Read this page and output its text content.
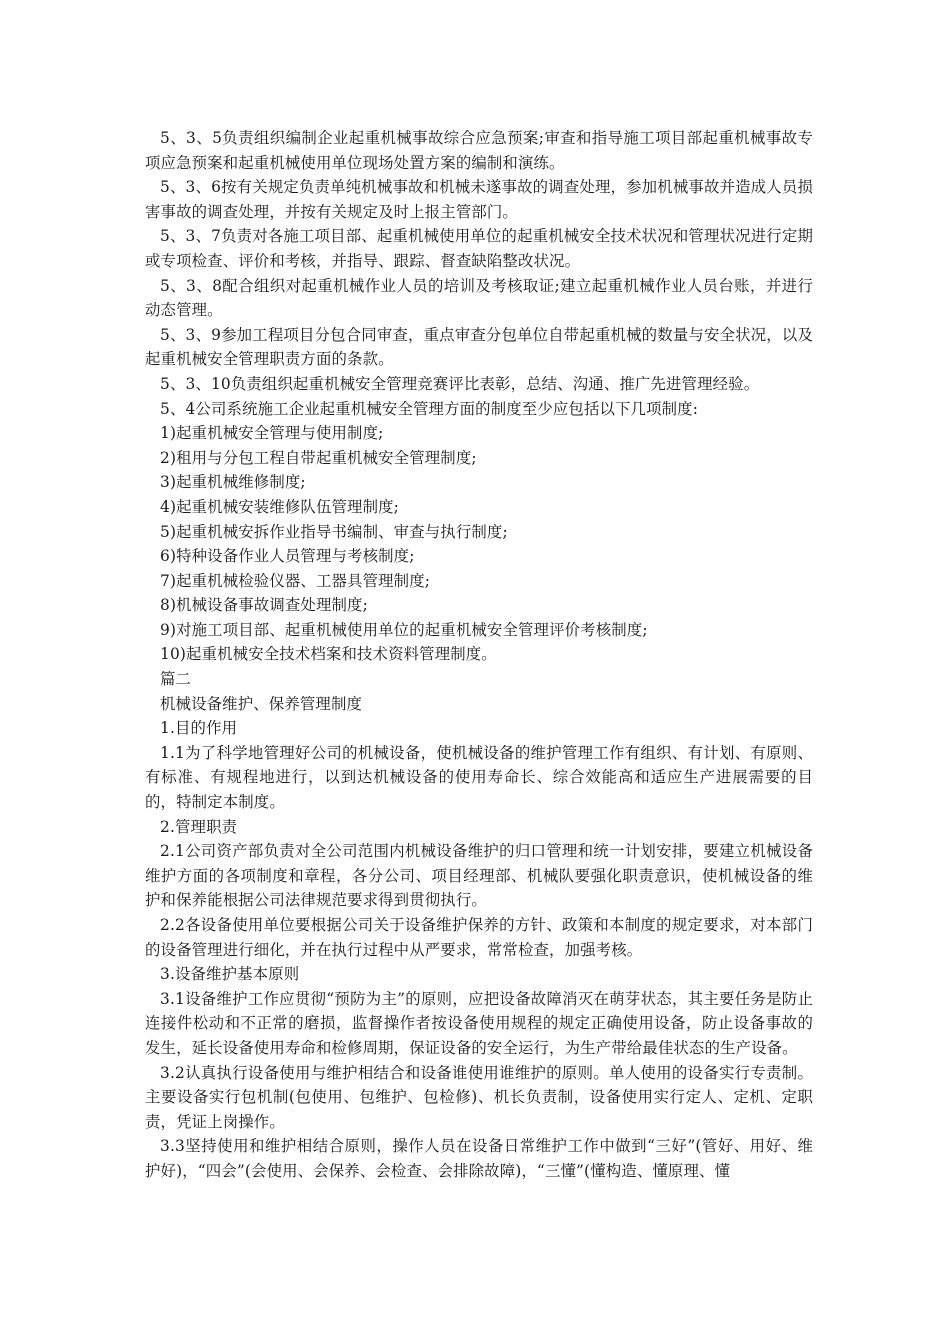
5、3、5负责组织编制企业起重机械事故综合应急预案;审查和指导施工项目部起重机械事故专项应急预案和起重机械使用单位现场处置方案的编制和演练。

5、3、6按有关规定负责单纯机械事故和机械未遂事故的调查处理，参加机械事故并造成人员损害事故的调查处理，并按有关规定及时上报主管部门。

5、3、7负责对各施工项目部、起重机械使用单位的起重机械安全技术状况和管理状况进行定期或专项检查、评价和考核，并指导、跟踪、督查缺陷整改状况。

5、3、8配合组织对起重机械作业人员的培训及考核取证;建立起重机械作业人员台账，并进行动态管理。

5、3、9参加工程项目分包合同审查，重点审查分包单位自带起重机械的数量与安全状况，以及起重机械安全管理职责方面的条款。

5、3、10负责组织起重机械安全管理竞赛评比表彰，总结、沟通、推广先进管理经验。

5、4公司系统施工企业起重机械安全管理方面的制度至少应包括以下几项制度:

1)起重机械安全管理与使用制度;

2)租用与分包工程自带起重机械安全管理制度;

3)起重机械维修制度;

4)起重机械安装维修队伍管理制度;

5)起重机械安拆作业指导书编制、审查与执行制度;

6)特种设备作业人员管理与考核制度;

7)起重机械检验仪器、工器具管理制度;

8)机械设备事故调查处理制度;

9)对施工项目部、起重机械使用单位的起重机械安全管理评价考核制度;

10)起重机械安全技术档案和技术资料管理制度。

篇二

机械设备维护、保养管理制度

1.目的作用

1.1为了科学地管理好公司的机械设备，使机械设备的维护管理工作有组织、有计划、有原则、有标准、有规程地进行，以到达机械设备的使用寿命长、综合效能高和适应生产进展需要的目的，特制定本制度。

2.管理职责

2.1公司资产部负责对全公司范围内机械设备维护的归口管理和统一计划安排，要建立机械设备维护方面的各项制度和章程，各分公司、项目经理部、机械队要强化职责意识，使机械设备的维护和保养能根据公司法律规范要求得到贯彻执行。

2.2各设备使用单位要根据公司关于设备维护保养的方针、政策和本制度的规定要求，对本部门的设备管理进行细化，并在执行过程中从严要求，常常检查，加强考核。

3.设备维护基本原则

3.1设备维护工作应贯彻“预防为主”的原则，应把设备故障消灭在萌芽状态，其主要任务是防止连接件松动和不正常的磨损，监督操作者按设备使用规程的规定正确使用设备，防止设备事故的发生，延长设备使用寿命和检修周期，保证设备的安全运行，为生产带给最佳状态的生产设备。

3.2认真执行设备使用与维护相结合和设备谁使用谁维护的原则。单人使用的设备实行专责制。主要设备实行包机制(包使用、包维护、包检修)、机长负责制，设备使用实行定人、定机、定职责，凭证上岗操作。

3.3坚持使用和维护相结合原则，操作人员在设备日常维护工作中做到“三好”(管好、用好、维护好)，“四会”(会使用、会保养、会检查、会排除故障)，“三懂”(懂构造、懂原理、懂
